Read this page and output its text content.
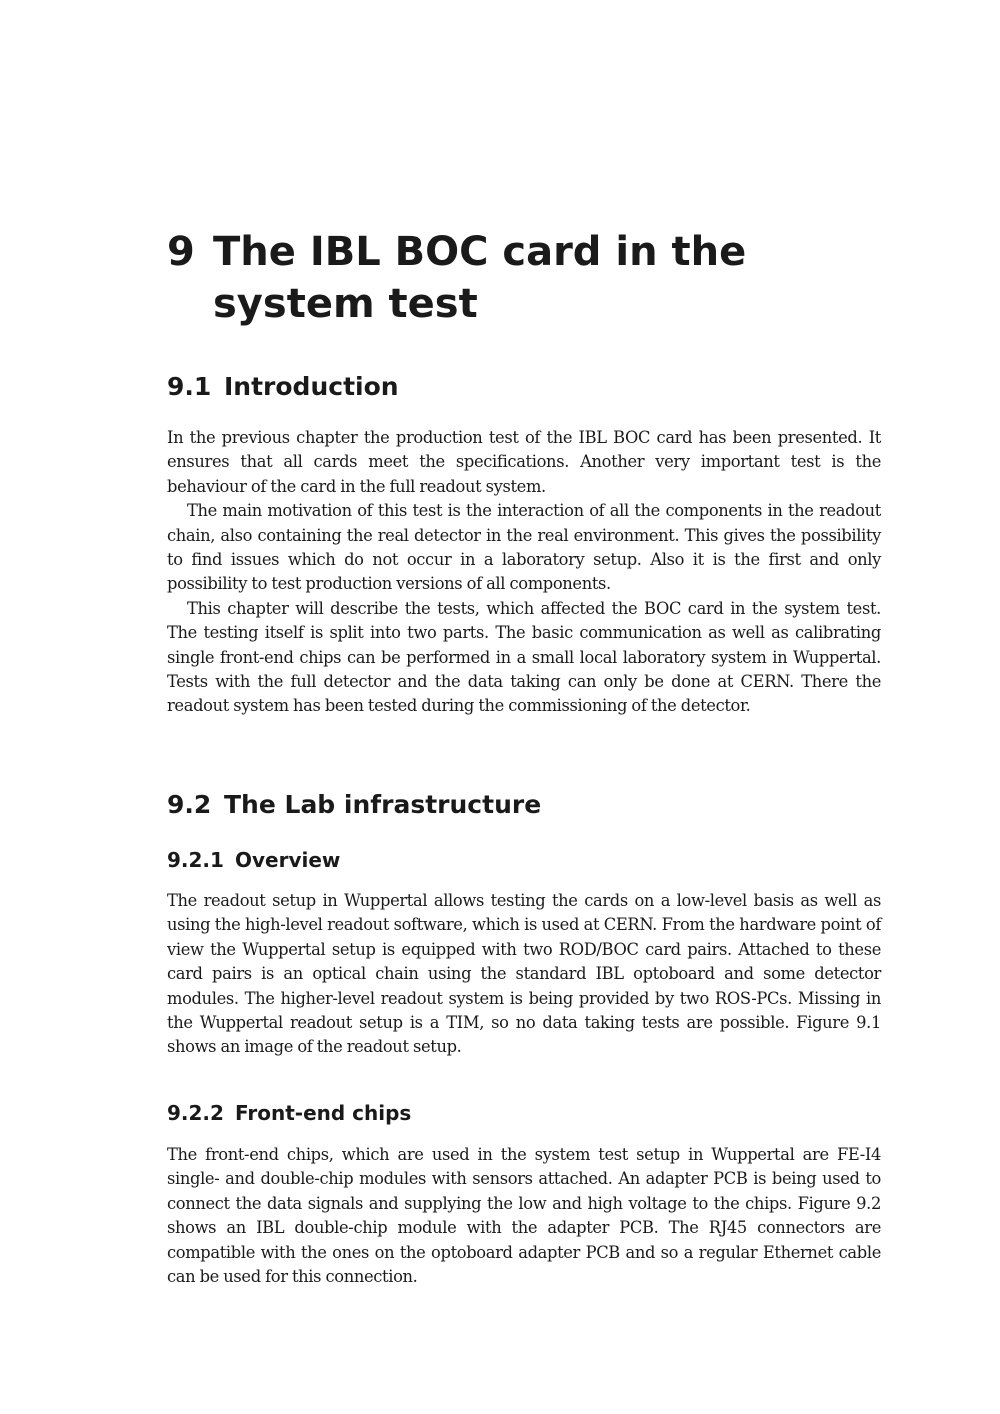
9 The IBL BOC card in the system test
9.1 Introduction

In the previous chapter the production test of the IBL BOC card has been presented. It ensures that all cards meet the specifications. Another very important test is the behaviour of the card in the full readout system.

The main motivation of this test is the interaction of all the components in the readout chain, also containing the real detector in the real environment. This gives the possibility to find issues which do not occur in a laboratory setup. Also it is the first and only possibility to test production versions of all components.

This chapter will describe the tests, which affected the BOC card in the system test. The testing itself is split into two parts. The basic communication as well as calibrating single front-end chips can be performed in a small local laboratory system in Wuppertal. Tests with the full detector and the data taking can only be done at CERN. There the readout system has been tested during the commissioning of the detector.

9.2 The Lab infrastructure
9.2.1 Overview

The readout setup in Wuppertal allows testing the cards on a low-level basis as well as using the high-level readout software, which is used at CERN. From the hardware point of view the Wuppertal setup is equipped with two ROD/BOC card pairs. Attached to these card pairs is an optical chain using the standard IBL optoboard and some detector modules. The higher-level readout system is being provided by two ROS-PCs. Missing in the Wuppertal readout setup is a TIM, so no data taking tests are possible. Figure 9.1 shows an image of the readout setup.

9.2.2 Front-end chips

The front-end chips, which are used in the system test setup in Wuppertal are FE-I4 single- and double-chip modules with sensors attached. An adapter PCB is being used to connect the data signals and supplying the low and high voltage to the chips. Figure 9.2 shows an IBL double-chip module with the adapter PCB. The RJ45 connectors are compatible with the ones on the optoboard adapter PCB and so a regular Ethernet cable can be used for this connection.
